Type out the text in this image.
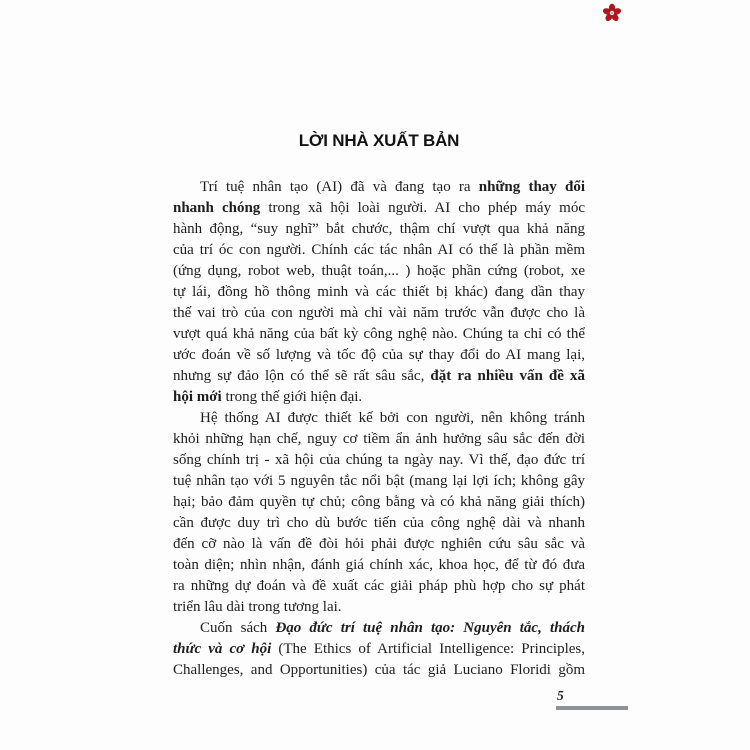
LỜI NHÀ XUẤT BẢN
Trí tuệ nhân tạo (AI) đã và đang tạo ra những thay đổi
nhanh chóng trong xã hội loài người. AI cho phép máy móc
hành động, “suy nghĩ” bắt chước, thậm chí vượt qua khả năng
của trí óc con người. Chính các tác nhân AI có thể là phần mềm
(ứng dụng, robot web, thuật toán,... ) hoặc phần cứng (robot, xe
tự lái, đồng hồ thông minh và các thiết bị khác) đang dần thay
thế vai trò của con người mà chỉ vài năm trước vẫn được cho là
vượt quá khả năng của bất kỳ công nghệ nào. Chúng ta chỉ có thể
ước đoán về số lượng và tốc độ của sự thay đổi do AI mang lại,
nhưng sự đảo lộn có thể sẽ rất sâu sắc, đặt ra nhiều vấn đề xã
hội mới trong thế giới hiện đại.
Hệ thống AI được thiết kế bởi con người, nên không tránh
khỏi những hạn chế, nguy cơ tiềm ẩn ảnh hưởng sâu sắc đến đời
sống chính trị - xã hội của chúng ta ngày nay. Vì thế, đạo đức trí
tuệ nhân tạo với 5 nguyên tắc nổi bật (mang lại lợi ích; không gây
hại; bảo đảm quyền tự chủ; công bằng và có khả năng giải thích)
cần được duy trì cho dù bước tiến của công nghệ dài và nhanh
đến cỡ nào là vấn đề đòi hỏi phải được nghiên cứu sâu sắc và
toàn diện; nhìn nhận, đánh giá chính xác, khoa học, để từ đó đưa
ra những dự đoán và đề xuất các giải pháp phù hợp cho sự phát
triển lâu dài trong tương lai.
Cuốn sách Đạo đức trí tuệ nhân tạo: Nguyên tắc, thách
thức và cơ hội (The Ethics of Artificial Intelligence: Principles,
Challenges, and Opportunities) của tác giả Luciano Floridi gồm
5
